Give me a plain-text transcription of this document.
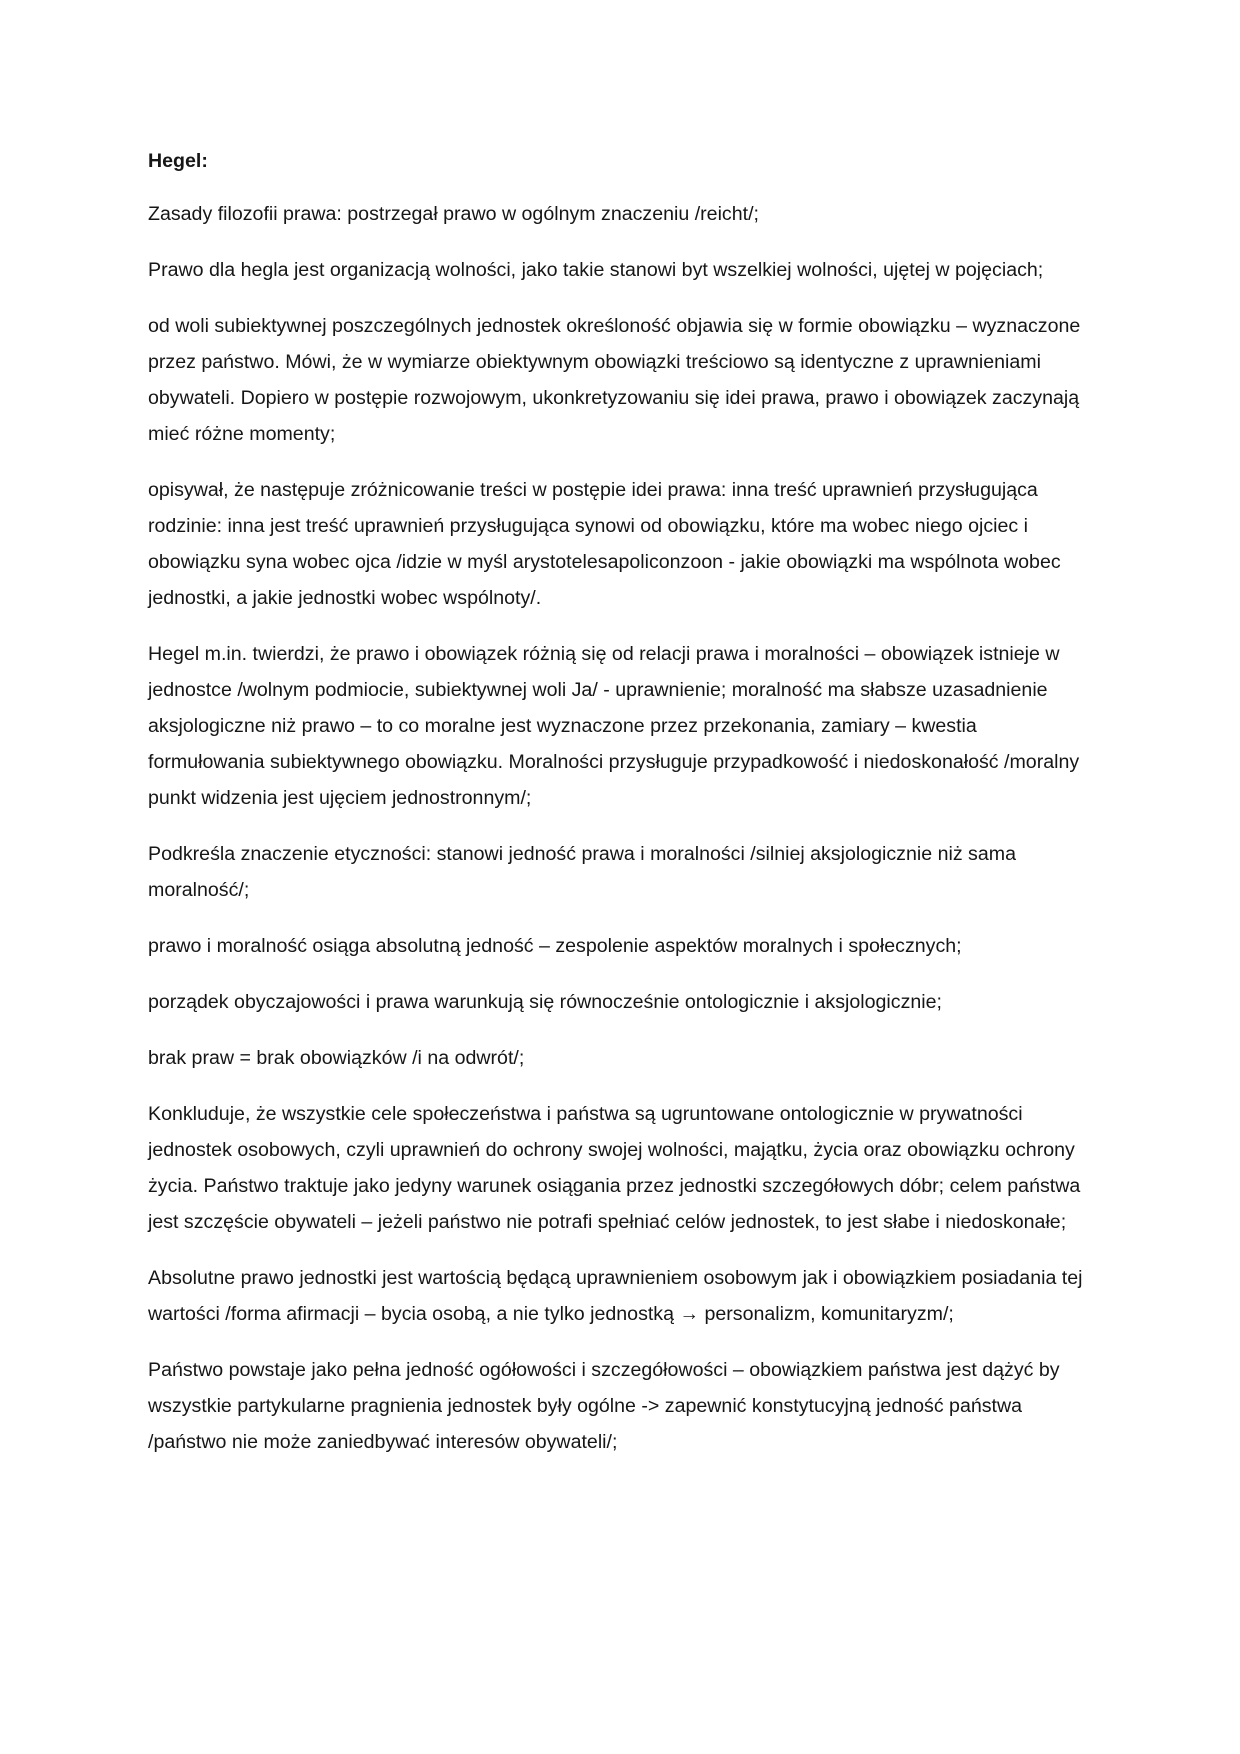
Hegel:

Zasady filozofii prawa: postrzegał prawo w ogólnym znaczeniu /reicht/;

Prawo dla hegla jest organizacją wolności, jako takie stanowi byt wszelkiej wolności, ujętej w pojęciach;

od woli subiektywnej poszczególnych jednostek określoność objawia się w formie obowiązku – wyznaczone przez państwo. Mówi, że w wymiarze obiektywnym obowiązki treściowo są identyczne z uprawnieniami obywateli. Dopiero w postępie rozwojowym, ukonkretyzowaniu się idei prawa, prawo i obowiązek zaczynają mieć różne momenty;

opisywał, że następuje zróżnicowanie treści w postępie idei prawa: inna treść uprawnień przysługująca rodzinie: inna jest treść uprawnień przysługująca synowi od obowiązku, które ma wobec niego ojciec i obowiązku syna wobec ojca /idzie w myśl arystotelesapoliconzoon - jakie obowiązki ma wspólnota wobec jednostki, a jakie jednostki wobec wspólnoty/.

Hegel m.in. twierdzi, że prawo i obowiązek różnią się od relacji prawa i moralności – obowiązek istnieje w jednostce /wolnym podmiocie, subiektywnej woli Ja/ - uprawnienie; moralność ma słabsze uzasadnienie aksjologiczne niż prawo – to co moralne jest wyznaczone przez przekonania, zamiary – kwestia formułowania subiektywnego obowiązku. Moralności przysługuje przypadkowość i niedoskonałość /moralny punkt widzenia jest ujęciem jednostronnym/;

Podkreśla znaczenie etyczności: stanowi jedność prawa i moralności /silniej aksjologicznie niż sama moralność/;

prawo i moralność osiąga absolutną jedność – zespolenie aspektów moralnych i społecznych;

porządek obyczajowości i prawa warunkują się równocześnie ontologicznie i aksjologicznie;

brak praw = brak obowiązków /i na odwrót/;

Konkluduje, że wszystkie cele społeczeństwa i państwa są ugruntowane ontologicznie w prywatności jednostek osobowych, czyli uprawnień do ochrony swojej wolności, majątku, życia oraz obowiązku ochrony życia. Państwo traktuje jako jedyny warunek osiągania przez jednostki szczegółowych dóbr; celem państwa jest szczęście obywateli – jeżeli państwo nie potrafi spełniać celów jednostek, to jest słabe i niedoskonałe;

Absolutne prawo jednostki jest wartością będącą uprawnieniem osobowym jak i obowiązkiem posiadania tej wartości /forma afirmacji – bycia osobą, a nie tylko jednostką → personalizm, komunitaryzm/;

Państwo powstaje jako pełna jedność ogółowości i szczegółowości – obowiązkiem państwa jest dążyć by wszystkie partykularne pragnienia jednostek były ogólne -> zapewnić konstytucyjną jedność państwa /państwo nie może zaniedbywać interesów obywateli/;
